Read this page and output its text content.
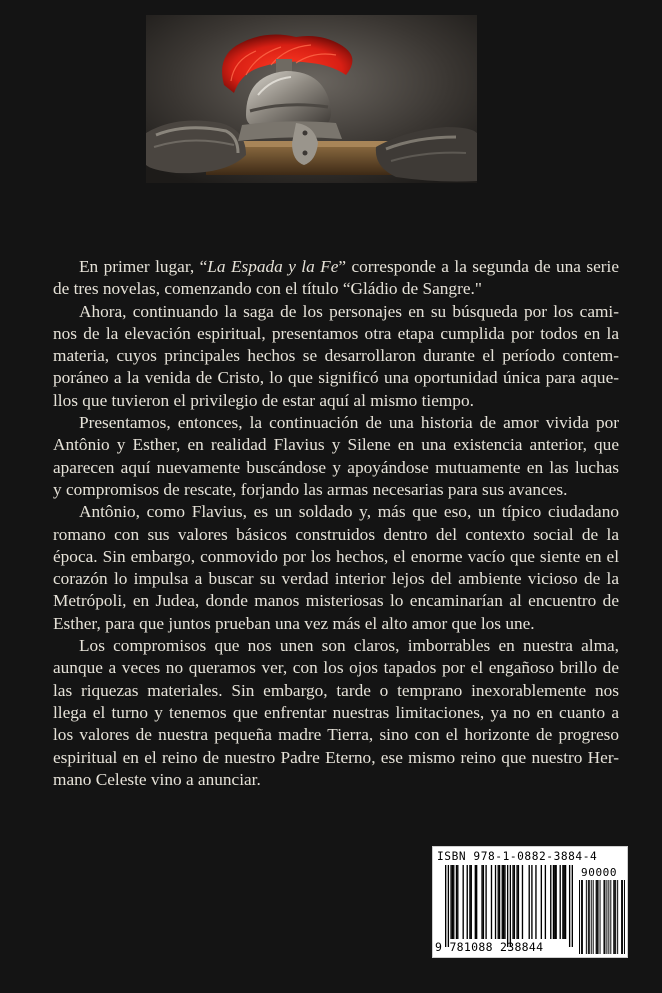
En primer lugar, “La Espada y la Fe” corresponde a la segunda de una serie
de tres novelas, comenzando con el título “Gládio de Sangre."

Ahora, continuando la saga de los personajes en su búsqueda por los cami-
nos de la elevación espiritual, presentamos otra etapa cumplida por todos en la
materia, cuyos principales hechos se desarrollaron durante el período contem-
poráneo a la venida de Cristo, lo que significó una oportunidad única para aque-
llos que tuvieron el privilegio de estar aquí al mismo tiempo.

Presentamos, entonces, la continuación de una historia de amor vivida por
Antônio y Esther, en realidad Flavius y Silene en una existencia anterior, que
aparecen aquí nuevamente buscándose y apoyándose mutuamente en las luchas
y compromisos de rescate, forjando las armas necesarias para sus avances.

Antônio, como Flavius, es un soldado y, más que eso, un típico ciudadano
romano con sus valores básicos construidos dentro del contexto social de la
época. Sin embargo, conmovido por los hechos, el enorme vacío que siente en el
corazón lo impulsa a buscar su verdad interior lejos del ambiente vicioso de la
Metrópoli, en Judea, donde manos misteriosas lo encaminarían al encuentro de
Esther, para que juntos prueban una vez más el alto amor que los une.

Los compromisos que nos unen son claros, imborrables en nuestra alma,
aunque a veces no queramos ver, con los ojos tapados por el engañoso brillo de
las riquezas materiales. Sin embargo, tarde o temprano inexorablemente nos
llega el turno y tenemos que enfrentar nuestras limitaciones, ya no en cuanto a
los valores de nuestra pequeña madre Tierra, sino con el horizonte de progreso
espiritual en el reino de nuestro Padre Eterno, ese mismo reino que nuestro Her-
mano Celeste vino a anunciar.

ISBN 978-1-0882-3884-4
90000
9 781088 238844
